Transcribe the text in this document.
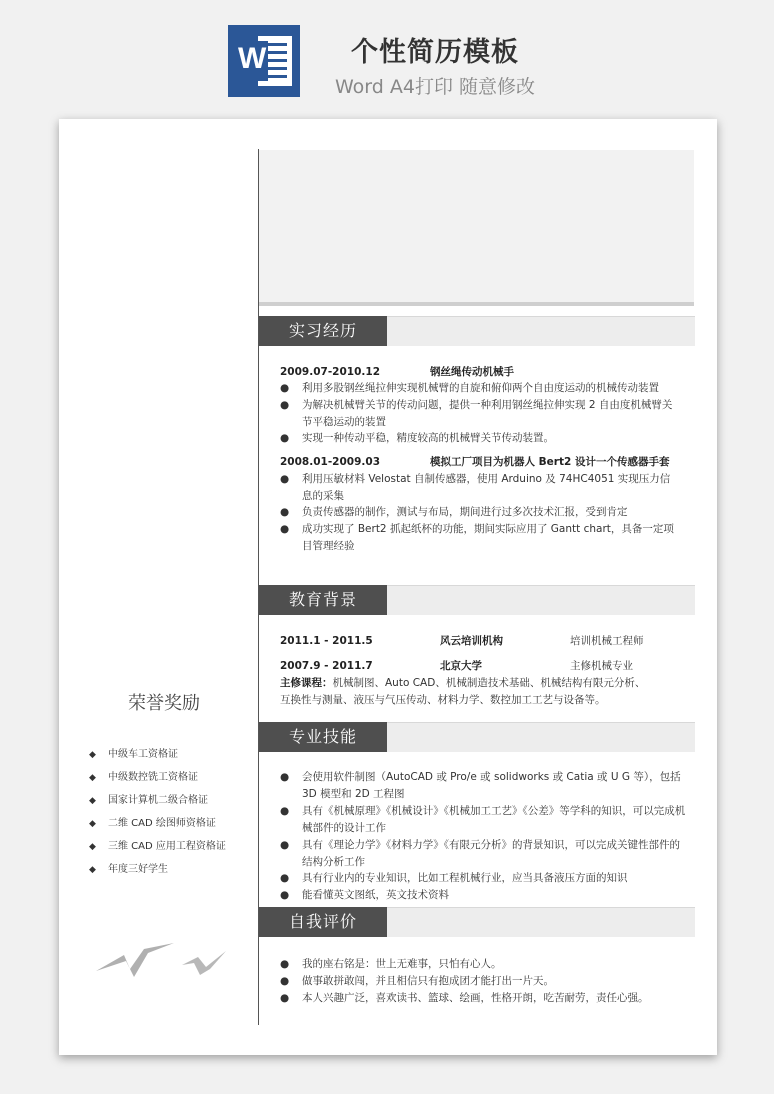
W	个性简历模板
Word A4打印 随意修改
实习经历
2009.07-2010.12	钢丝绳传动机械手
●	利用多股钢丝绳拉伸实现机械臂的自旋和俯仰两个自由度运动的机械传动装置
●	为解决机械臂关节的传动问题，提供一种利用钢丝绳拉伸实现 2 自由度机械臂关节平稳运动的装置
●	实现一种传动平稳，精度较高的机械臂关节传动装置。
2008.01-2009.03	模拟工厂项目为机器人 Bert2 设计一个传感器手套
●	利用压敏材料 Velostat 自制传感器，使用 Arduino 及 74HC4051 实现压力信息的采集
●	负责传感器的制作，测试与布局，期间进行过多次技术汇报，受到肯定
●	成功实现了 Bert2 抓起纸杯的功能，期间实际应用了 Gantt chart，具备一定项目管理经验
教育背景
2011.1 - 2011.5	风云培训机构	培训机械工程师
2007.9 - 2011.7	北京大学	主修机械专业
主修课程：机械制图、Auto CAD、机械制造技术基础、机械结构有限元分析、
互换性与测量、液压与气压传动、材料力学、数控加工工艺与设备等。
专业技能
●	会使用软件制图（AutoCAD 或 Pro/e 或 solidworks 或 Catia 或 U G 等），包括 3D 模型和 2D 工程图
●	具有《机械原理》《机械设计》《机械加工工艺》《公差》等学科的知识，可以完成机械部件的设计工作
●	具有《理论力学》《材料力学》《有限元分析》的背景知识，可以完成关键性部件的结构分析工作
●	具有行业内的专业知识，比如工程机械行业，应当具备液压方面的知识
●	能看懂英文图纸，英文技术资料
自我评价
●	我的座右铭是：世上无难事，只怕有心人。
●	做事敢拼敢闯，并且相信只有抱成团才能打出一片天。
●	本人兴趣广泛，喜欢读书、篮球、绘画，性格开朗，吃苦耐劳，责任心强。
荣誉奖励
◆ 中级车工资格证
◆ 中级数控铣工资格证
◆ 国家计算机二级合格证
◆ 二维 CAD 绘图师资格证
◆ 三维 CAD 应用工程资格证
◆ 年度三好学生
